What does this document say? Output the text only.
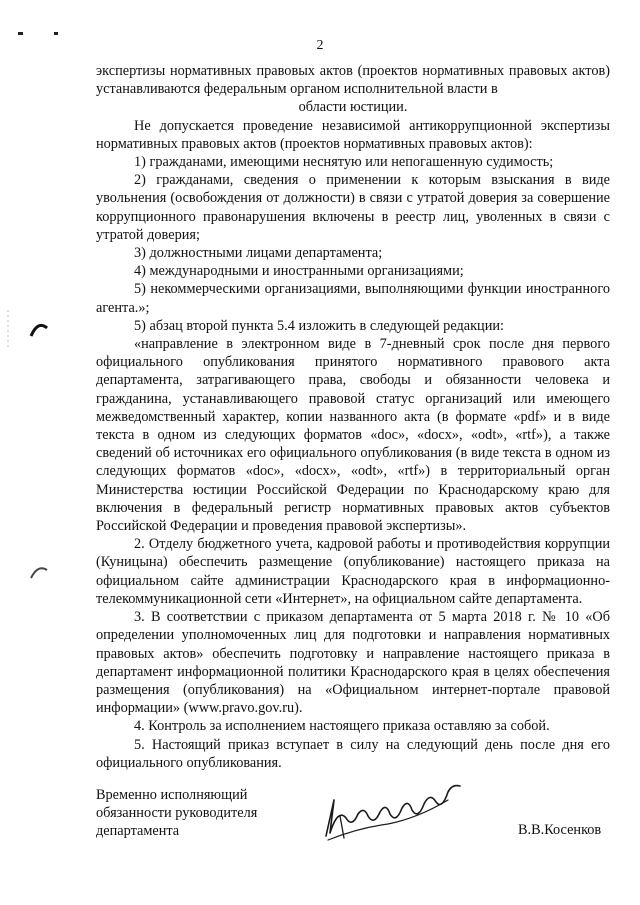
2

экспертизы нормативных правовых актов (проектов нормативных правовых актов) устанавливаются федеральным органом исполнительной власти в

области юстиции.

Не допускается проведение независимой антикоррупционной экспертизы нормативных правовых актов (проектов нормативных правовых актов):

1) гражданами, имеющими неснятую или непогашенную судимость;

2) гражданами, сведения о применении к которым взыскания в виде увольнения (освобождения от должности) в связи с утратой доверия за совершение коррупционного правонарушения включены в реестр лиц, уволенных в связи с утратой доверия;

3) должностными лицами департамента;

4) международными и иностранными организациями;

5) некоммерческими организациями, выполняющими функции иностранного агента.»;

5) абзац второй пункта 5.4 изложить в следующей редакции:

«направление в электронном виде в 7-дневный срок после дня первого официального опубликования принятого нормативного правового акта департамента, затрагивающего права, свободы и обязанности человека и гражданина, устанавливающего правовой статус организаций или имеющего межведомственный характер, копии названного акта (в формате «pdf» и в виде текста в одном из следующих форматов «doc», «docx», «odt», «rtf»), а также сведений об источниках его официального опубликования (в виде текста в одном из следующих форматов «doc», «docx», «odt», «rtf») в территориальный орган Министерства юстиции Российской Федерации по Краснодарскому краю для включения в федеральный регистр нормативных правовых актов субъектов Российской Федерации и проведения правовой экспертизы».

2. Отделу бюджетного учета, кадровой работы и противодействия коррупции (Куницына) обеспечить размещение (опубликование) настоящего приказа на официальном сайте администрации Краснодарского края в информационно-телекоммуникационной сети «Интернет», на официальном сайте департамента.

3. В соответствии с приказом департамента от 5 марта 2018 г. № 10 «Об определении уполномоченных лиц для подготовки и направления нормативных правовых актов» обеспечить подготовку и направление настоящего приказа в департамент информационной политики Краснодарского края в целях обеспечения размещения (опубликования) на «Официальном интернет-портале правовой информации» (www.pravo.gov.ru).

4. Контроль за исполнением настоящего приказа оставляю за собой.

5. Настоящий приказ вступает в силу на следующий день после дня его официального опубликования.

Временно исполняющий
обязанности руководителя
департамента	В.В.Косенков
